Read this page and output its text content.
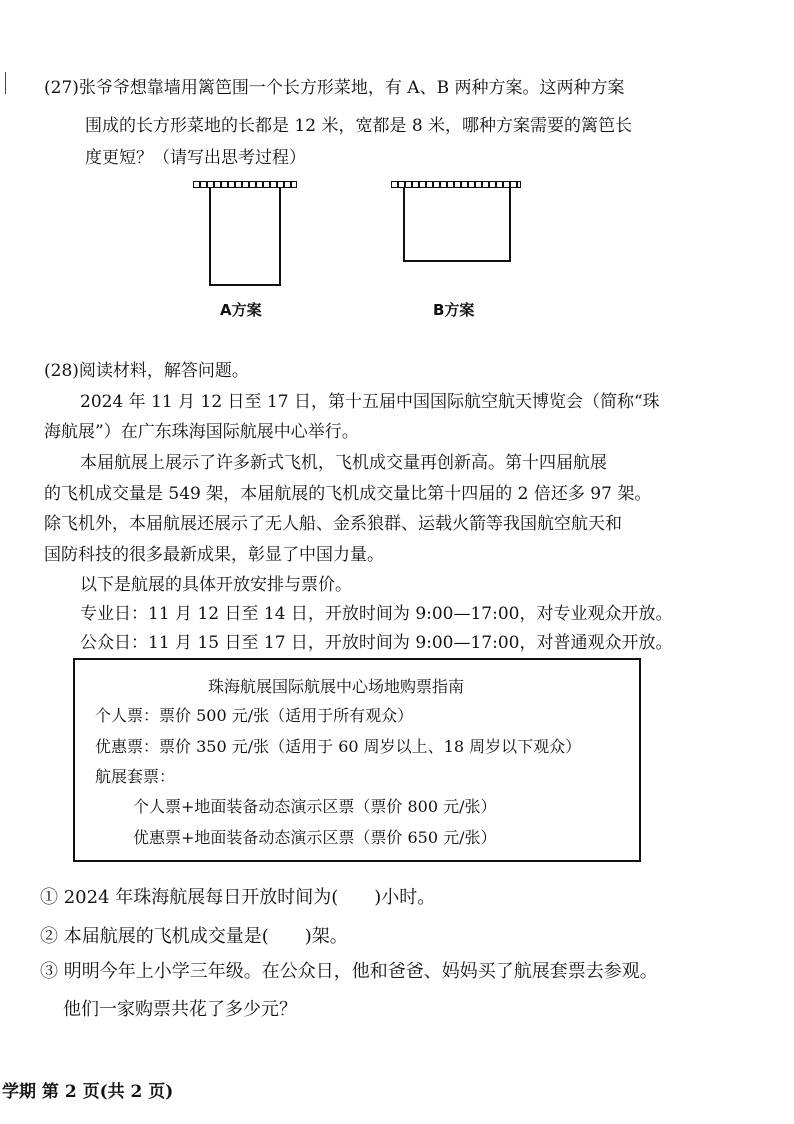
(27)张爷爷想靠墙用篱笆围一个长方形菜地，有 A、B 两种方案。这两种方案
围成的长方形菜地的长都是 12 米，宽都是 8 米，哪种方案需要的篱笆长
度更短？（请写出思考过程）
A方案	B方案
(28)阅读材料，解答问题。
2024 年 11 月 12 日至 17 日，第十五届中国国际航空航天博览会（简称“珠
海航展”）在广东珠海国际航展中心举行。
本届航展上展示了许多新式飞机，飞机成交量再创新高。第十四届航展
的飞机成交量是 549 架，本届航展的飞机成交量比第十四届的 2 倍还多 97 架。
除飞机外，本届航展还展示了无人船、金系狼群、运载火箭等我国航空航天和
国防科技的很多最新成果，彰显了中国力量。
以下是航展的具体开放安排与票价。
专业日：11 月 12 日至 14 日，开放时间为 9:00—17:00，对专业观众开放。
公众日：11 月 15 日至 17 日，开放时间为 9:00—17:00，对普通观众开放。
珠海航展国际航展中心场地购票指南
个人票：票价 500 元/张（适用于所有观众）
优惠票：票价 350 元/张（适用于 60 周岁以上、18 周岁以下观众）
航展套票：
个人票+地面装备动态演示区票（票价 800 元/张）
优惠票+地面装备动态演示区票（票价 650 元/张）
① 2024 年珠海航展每日开放时间为(　　)小时。
② 本届航展的飞机成交量是(　　)架。
③ 明明今年上小学三年级。在公众日，他和爸爸、妈妈买了航展套票去参观。
他们一家购票共花了多少元？
学期 第 2 页(共 2 页)
